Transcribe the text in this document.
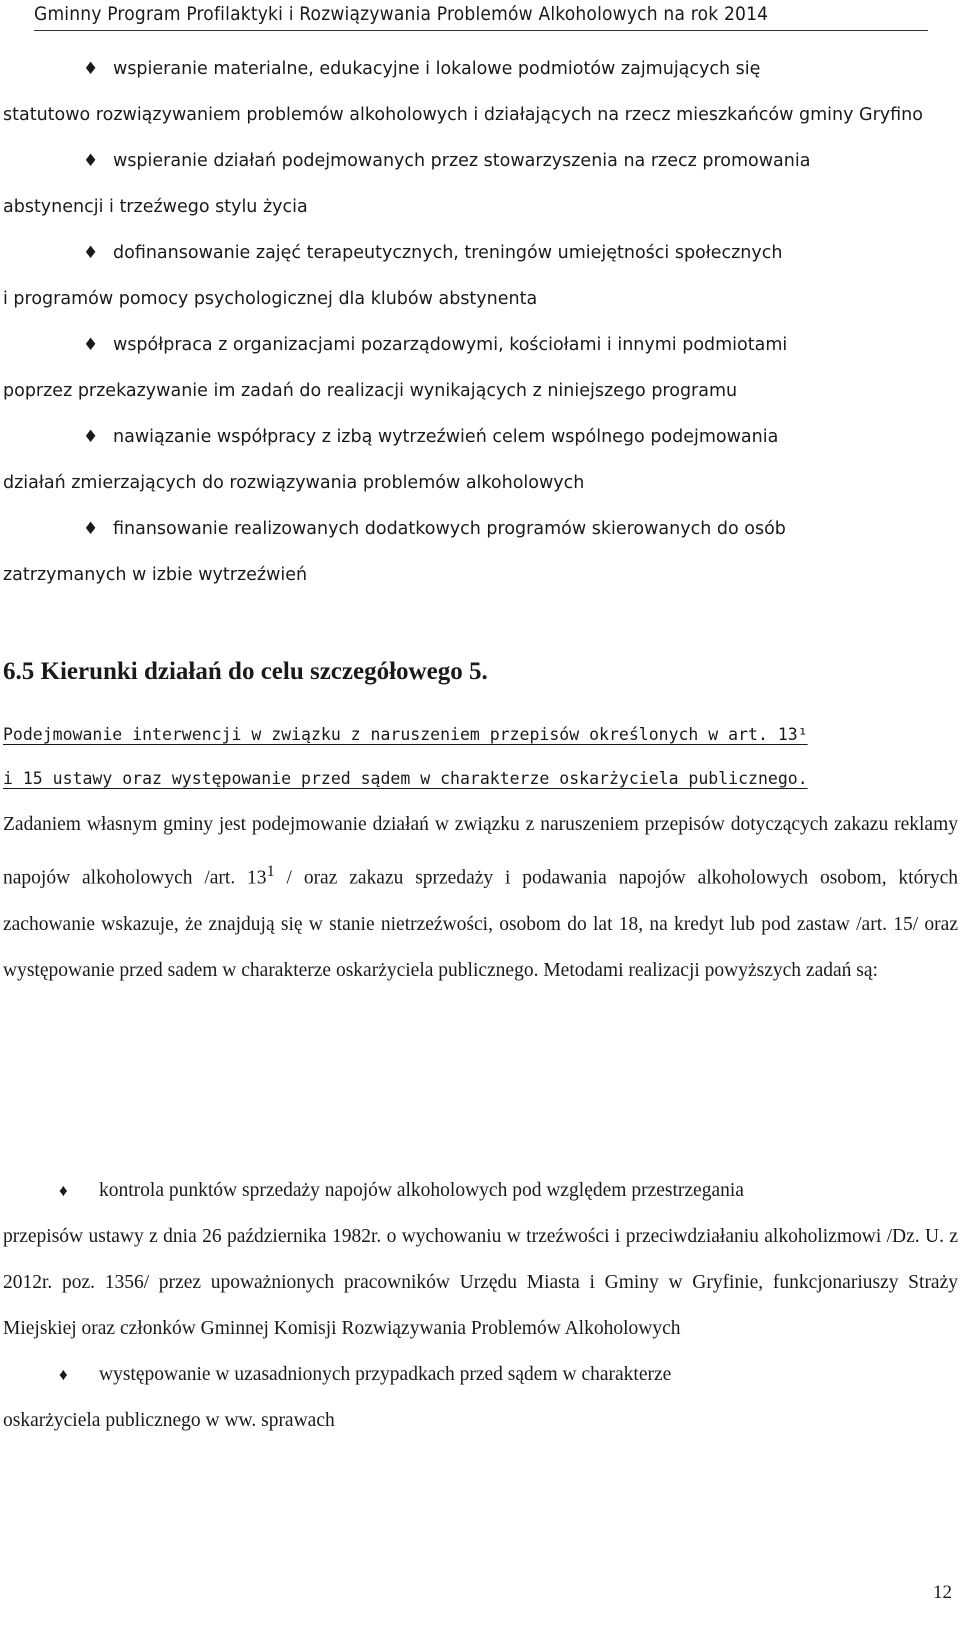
Gminny Program Profilaktyki i Rozwiązywania Problemów Alkoholowych na rok 2014
♦ wspieranie materialne, edukacyjne i lokalowe podmiotów zajmujących się
statutowo rozwiązywaniem problemów alkoholowych i działających na rzecz mieszkańców gminy Gryfino
♦ wspieranie działań podejmowanych przez stowarzyszenia na rzecz promowania
abstynencji i trzeźwego stylu życia
♦ dofinansowanie zajęć terapeutycznych, treningów umiejętności społecznych
i programów pomocy psychologicznej dla klubów abstynenta
♦ współpraca z organizacjami pozarządowymi, kościołami i innymi podmiotami
poprzez przekazywanie im zadań do realizacji wynikających z niniejszego programu
♦ nawiązanie współpracy z izbą wytrzeźwień celem wspólnego podejmowania
działań zmierzających do rozwiązywania problemów alkoholowych
♦ finansowanie realizowanych dodatkowych programów skierowanych do osób
zatrzymanych w izbie wytrzeźwień
6.5 Kierunki działań do celu szczegółowego 5.
Podejmowanie interwencji w związku z naruszeniem przepisów określonych w art. 13¹
i 15 ustawy oraz występowanie przed sądem w charakterze oskarżyciela publicznego.
Zadaniem własnym gminy jest podejmowanie działań w związku z naruszeniem przepisów dotyczących zakazu reklamy napojów alkoholowych /art. $13^1$ / oraz zakazu sprzedaży i podawania napojów alkoholowych osobom, których zachowanie wskazuje, że znajdują się w stanie nietrzeźwości, osobom do lat 18, na kredyt lub pod zastaw /art. 15/ oraz występowanie przed sadem w charakterze oskarżyciela publicznego. Metodami realizacji powyższych zadań są:
♦ kontrola punktów sprzedaży napojów alkoholowych pod względem przestrzegania
przepisów ustawy z dnia 26 października 1982r. o wychowaniu w trzeźwości i przeciwdziałaniu alkoholizmowi /Dz. U. z 2012r. poz. 1356/ przez upoważnionych pracowników Urzędu Miasta i Gminy w Gryfinie, funkcjonariuszy Straży Miejskiej oraz członków Gminnej Komisji Rozwiązywania Problemów Alkoholowych
♦ występowanie w uzasadnionych przypadkach przed sądem w charakterze
oskarżyciela publicznego w ww. sprawach
12
